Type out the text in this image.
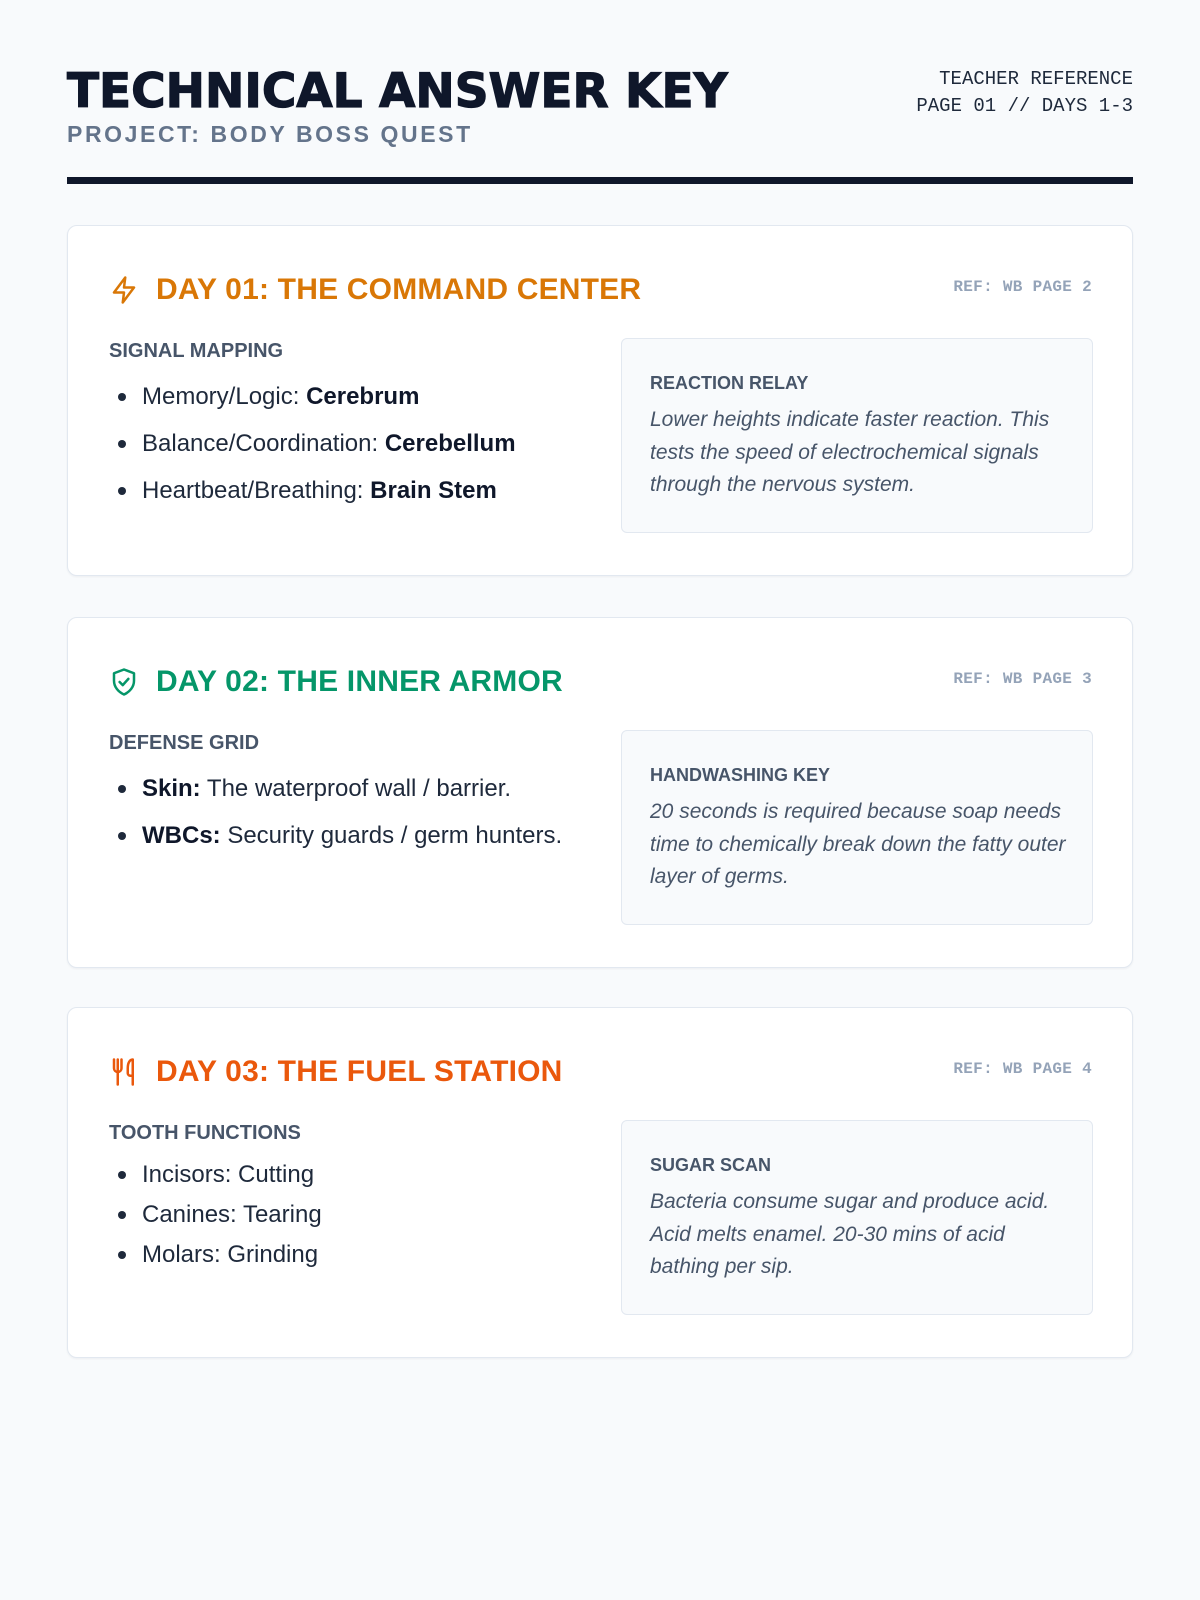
TECHNICAL ANSWER KEY
PROJECT: BODY BOSS QUEST
TEACHER REFERENCE
PAGE 01 // DAYS 1-3
DAY 01: THE COMMAND CENTER	REF: WB PAGE 2
SIGNAL MAPPING
Memory/Logic: Cerebrum
Balance/Coordination: Cerebellum
Heartbeat/Breathing: Brain Stem
REACTION RELAY

Lower heights indicate faster reaction. This tests the speed of electrochemical signals through the nervous system.

DAY 02: THE INNER ARMOR	REF: WB PAGE 3
DEFENSE GRID
Skin: The waterproof wall / barrier.
WBCs: Security guards / germ hunters.
HANDWASHING KEY

20 seconds is required because soap needs time to chemically break down the fatty outer layer of germs.

DAY 03: THE FUEL STATION	REF: WB PAGE 4
TOOTH FUNCTIONS
Incisors: Cutting
Canines: Tearing
Molars: Grinding
SUGAR SCAN

Bacteria consume sugar and produce acid. Acid melts enamel. 20-30 mins of acid bathing per sip.
